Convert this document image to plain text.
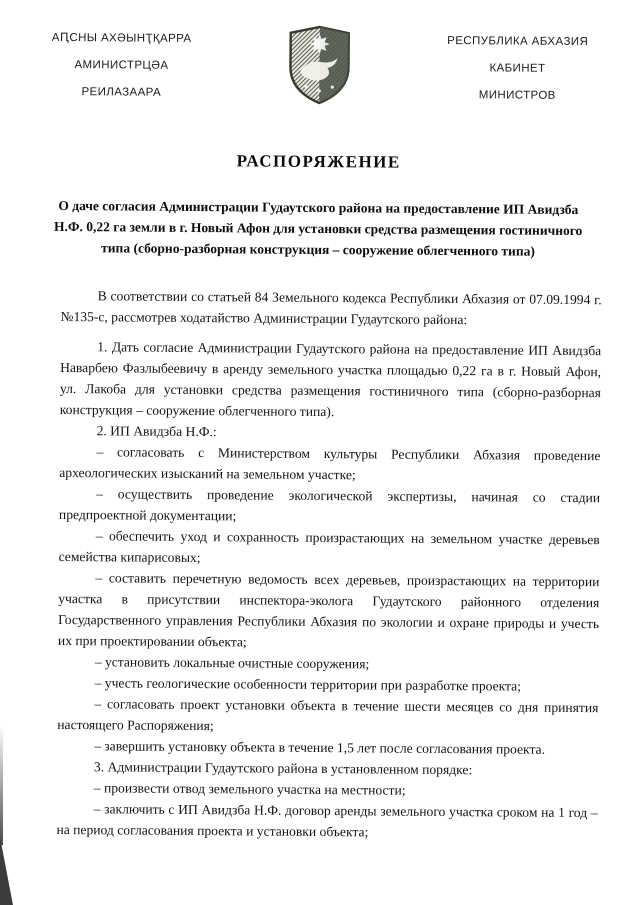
АԤСНЫ АХӘЫНҬҚАРРА
АМИНИСТРЦӘА
РЕИЛАЗААРА
РЕСПУБЛИКА АБХАЗИЯ
КАБИНЕТ
МИНИСТРОВ
РАСПОРЯЖЕНИЕ

О даче согласия Администрации Гудаутского района на предоставление ИП Авидзба Н.Ф. 0,22 га земли в г. Новый Афон для установки средства размещения гостиничного типа (сборно-разборная конструкция – сооружение облегченного типа)

В соответствии со статьей 84 Земельного кодекса Республики Абхазия от 07.09.1994 г. №135-с, рассмотрев ходатайство Администрации Гудаутского района:

1. Дать согласие Администрации Гудаутского района на предоставление ИП Авидзба Наварбею Фазлыбеевичу в аренду земельного участка площадью 0,22 га в г. Новый Афон, ул. Лакоба для установки средства размещения гостиничного типа (сборно-разборная конструкция – сооружение облегченного типа).

2. ИП Авидзба Н.Ф.:

– согласовать с Министерством культуры Республики Абхазия проведение археологических изысканий на земельном участке;

– осуществить проведение экологической экспертизы, начиная со стадии предпроектной документации;

– обеспечить уход и сохранность произрастающих на земельном участке деревьев семейства кипарисовых;

– составить перечетную ведомость всех деревьев, произрастающих на территории участка в присутствии инспектора-эколога Гудаутского районного отделения Государственного управления Республики Абхазия по экологии и охране природы и учесть их при проектировании объекта;

– установить локальные очистные сооружения;

– учесть геологические особенности территории при разработке проекта;

– согласовать проект установки объекта в течение шести месяцев со дня принятия настоящего Распоряжения;

– завершить установку объекта в течение 1,5 лет после согласования проекта.

3. Администрации Гудаутского района в установленном порядке:

– произвести отвод земельного участка на местности;

– заключить с ИП Авидзба Н.Ф. договор аренды земельного участка сроком на 1 год – на период согласования проекта и установки объекта;
